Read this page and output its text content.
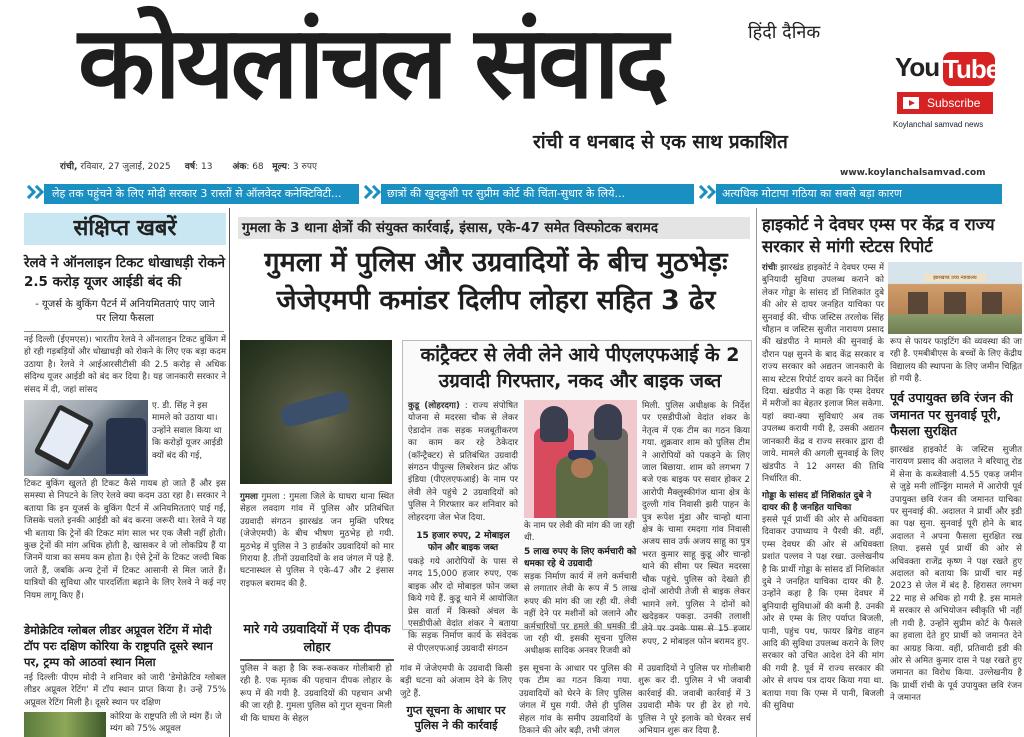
कोयलांचल संवाद	हिंदी दैनिक
रांची व धनबाद से एक साथ प्रकाशित
रांची, रविवार, 27 जुलाई, 2025 वर्ष: 13 अंक: 68 मूल्य: 3 रुपए
www.koylanchalsamvad.com
You Tube
Subscribe
Koylanchal samvad news
लेह तक पहुंचने के लिए मोदी सरकार 3 रास्तों से ऑलवेदर कनेक्टिविटी...	छात्रों की खुदकुशी पर सुप्रीम कोर्ट की चिंता-सुधार के लिये...	अत्यधिक मोटापा गठिया का सबसे बड़ा कारण
संक्षिप्त खबरें
रेलवे ने ऑनलाइन टिकट धोखाधड़ी रोकने 2.5 करोड़ यूजर आईडी बंद की
- यूजर्स के बुकिंग पैटर्न में अनियमितताएं पाए जाने पर लिया फैसला
नई दिल्ली (ईएमएस)। भारतीय रेलवे ने ऑनलाइन टिकट बुकिंग में हो रही गड़बड़ियों और धोखाधड़ी को रोकने के लिए एक बड़ा कदम उठाया है। रेलवे ने आईआरसीटीसी की 2.5 करोड़ से अधिक संदिग्ध यूजर आईडी को बंद कर दिया है। यह जानकारी सरकार ने संसद में दी, जहां सांसद
ए. डी. सिंह ने इस मामले को उठाया था। उन्होंने सवाल किया था कि करोड़ों यूजर आईडी क्यों बंद की गई,
टिकट बुकिंग खुलते ही टिकट कैसे गायब हो जाते हैं और इस समस्या से निपटने के लिए रेलवे क्या कदम उठा रहा है। सरकार ने बताया कि इन यूजर्स के बुकिंग पैटर्न में अनियमितताएं पाई गईं, जिसके चलते इनकी आईडी को बंद करना जरूरी था। रेलवे ने यह भी बताया कि ट्रेनों की टिकट मांग साल भर एक जैसी नहीं होती। कुछ ट्रेनों की मांग अधिक होती है, खासकर वे जो लोकप्रिय हैं या जिनमें यात्रा का समय कम होता है। ऐसे ट्रेनों के टिकट जल्दी बिक जाते हैं, जबकि अन्य ट्रेनों में टिकट आसानी से मिल जाते हैं। यात्रियों की सुविधा और पारदर्शिता बढ़ाने के लिए रेलवे ने कई नए नियम लागू किए हैं।
डेमोक्रेटिव ग्लोबल लीडर अप्रूवल रेटिंग में मोदी टॉप परः दक्षिण कोरिया के राष्ट्रपति दूसरे स्थान पर, ट्रम्प को आठवां स्थान मिला
नई दिल्लीः पीएम मोदी ने शनिवार को जारी 'डेमोक्रेटिव ग्लोबल लीडर अप्रूवल रेटिंग' में टॉप स्थान प्राप्त किया है। उन्हें 75% अप्रूवल रेटिंग मिली है। दूसरे स्थान पर दक्षिण
कोरिया के राष्ट्रपति ली जे म्यंग हैं। जे म्यंग को 75% अप्रूवल
गुमला के 3 थाना क्षेत्रों की संयुक्त कार्रवाई, इंसास, एके-47 समेत विस्फोटक बरामद
गुमला में पुलिस और उग्रवादियों के बीच मुठभेड़ः जेजेएमपी कमांडर दिलीप लोहरा सहित 3 ढेर
गुमला गुमला : गुमला जिले के घाघरा थाना स्थित सेहल लवदाग गांव में पुलिस और प्रतिबंधित उग्रवादी संगठन झारखंड जन मुक्ति परिषद (जेजेएमपी) के बीच भीषण मुठभेड़ हो गयी. मुठभेड़ में पुलिस ने 3 हार्डकोर उग्रवादियों को मार गिराया है. तीनों उग्रवादियों के शव जंगल में पड़े हैं. घटनास्थल से पुलिस ने एके-47 और 2 इंसास राइफल बरामद की है.
मारे गये उग्रवादियों में एक दीपक लोहार
कांट्रैक्टर से लेवी लेने आये पीएलएफआई के 2 उग्रवादी गिरफ्तार, नकद और बाइक जब्त
कुडू (लोहरदगा) : राज्य संपोषित योजना से मदरसा चौक से लेकर ऐडादोन तक सड़क मजबूतीकरण का काम कर रहे ठेकेदार (कॉन्ट्रैक्टर) से प्रतिबंधित उग्रवादी संगठन पीपुल्स लिबरेशन फ्रंट ऑफ इंडिया (पीएलएफआई) के नाम पर लेवी लेने पहुंचे 2 उग्रवादियों को पुलिस ने गिरफ्तार कर शनिवार को लोहरदगा जेल भेज दिया.
15 हजार रुपए, 2 मोबाइल फोन और बाइक जब्त
पकड़े गये आरोपियों के पास से नगद 15,000 हजार रुपए, एक बाइक और दो मोबाइल फोन जब्त किये गये हैं. कुडू थाने में आयोजित प्रेस वार्ता में किस्को अंचल के एसडीपीओ वेदांत शंकर ने बताया कि सड़क निर्माण कार्य के संवेदक से पीएलएफआई उग्रवादी संगठन
के नाम पर लेवी की मांग की जा रही थी.
5 लाख रुपए के लिए कर्मचारी को धमका रहे थे उग्रवादी
सड़क निर्माण कार्य में लगे कर्मचारी से लगातार लेवी के रूप में 5 लाख रुपए की मांग की जा रही थी. लेवी नहीं देने पर मशीनों को जलाने और कर्मचारियों पर हमले की धमकी दी जा रही थी. इसकी सूचना पुलिस अधीक्षक सादिक अनवर रिजवी को
मिली. पुलिस अधीक्षक के निर्देश पर एसडीपीओ वेदांत शंकर के नेतृत्व में एक टीम का गठन किया गया. शुक्रवार शाम को पुलिस टीम ने आरोपियों को पकड़ने के लिए जाल बिछाया. शाम को लगभग 7 बजे एक बाइक पर सवार होकर 2 आरोपी मैक्लुस्कीगंज थाना क्षेत्र के दुल्ली गांव निवासी झरी पाहन के पुत्र रूपेश मुंडा और चान्हो थाना क्षेत्र के चामा रमदगा गांव निवासी अजय साव उर्फ अजय साहू का पुत्र भरत कुमार साहू कुडू और चान्हो थाने की सीमा पर स्थित मदरसा चौक पहुंचे. पुलिस को देखते ही दोनों आरोपी तेजी से बाइक लेकर भागने लगे. पुलिस ने दोनों को खदेड़कर पकड़ा. उनकी तलाशी लेने पर उनके पास से 15 हजार रुपए, 2 मोबाइल फोन बरामद हुए.
पुलिस ने कहा है कि रुक-रुककर गोलीबारी हो रही है. एक मृतक की पहचान दीपक लोहार के रूप में की गयी है. उग्रवादियों की पहचान अभी की जा रही है. गुमला पुलिस को गुप्त सूचना मिली थी कि घाघरा के सेहल
गांव में जेजेएमपी के उग्रवादी किसी बड़ी घटना को अंजाम देने के लिए जुटे हैं.
गुप्त सूचना के आधार पर पुलिस ने की कार्रवाई
इस सूचना के आधार पर पुलिस की एक टीम का गठन किया गया. उग्रवादियों को घेरने के लिए पुलिस जंगल में घुस गयी. जैसे ही पुलिस सेहल गांव के समीप उग्रवादियों के ठिकाने की ओर बढ़ी, तभी जंगल
में उग्रवादियों ने पुलिस पर गोलीबारी शुरू कर दी. पुलिस ने भी जवाबी कार्रवाई की. जवाबी कार्रवाई में 3 उग्रवादी मौके पर ही ढेर हो गये. पुलिस ने पूरे इलाके को घेरकर सर्च अभियान शुरू कर दिया है.
हाइकोर्ट ने देवघर एम्स पर केंद्र व राज्य सरकार से मांगी स्टेटस रिपोर्ट
झारखण्ड उच्च न्यायालय
रांचीः झारखंड हाइकोर्ट ने देवघर एम्स में बुनियादी सुविधा उपलब्ध कराने को लेकर गोड्डा के सांसद डॉ निशिकांत दुबे की ओर से दायर जनहित याचिका पर सुनवाई की. चीफ जस्टिस तरलोक सिंह चौहान व जस्टिस सुजीत नारायण प्रसाद की खंडपीठ ने मामले की सुनवाई के दौरान पक्ष सुनने के बाद केंद्र सरकार व राज्य सरकार को अद्यतन जानकारी के साथ स्टेटस रिपोर्ट दायर करने का निर्देश दिया. खंडपीठ ने कहा कि एम्स देवघर में मरीजों का बेहतर इलाज मिल सकेगा. यहां क्या-क्या सुविधाएं अब तक उपलब्ध करायी गयी है, उसकी अद्यतन जानकारी केंद्र व राज्य सरकार द्वारा दी जाये. मामले की अगली सुनवाई के लिए खंडपीठ ने 12 अगस्त की तिथि निर्धारित की.
गोड्डा के सांसद डॉ निशिकांत दुबे ने दायर की है जनहित याचिका
इससे पूर्व प्रार्थी की ओर से अधिवक्ता दिवाकर उपाध्याय ने पैरवी की. वहीं, एम्स देवघर की ओर से अधिवक्ता प्रशांत पल्लव ने पक्ष रखा. उल्लेखनीय है कि प्रार्थी गोड्डा के सांसद डॉ निशिकांत दुबे ने जनहित याचिका दायर की है. उन्होंने कहा है कि एम्स देवघर में बुनियादी सुविधाओं की कमी है. उनकी ओर से एम्स के लिए पर्याप्त बिजली, पानी, पहुंच पथ, फायर ब्रिगेड वाहन आदि की सुविधा उपलब्ध कराने के लिए सरकार को उचित आदेश देने की मांग की गयी है. पूर्व में राज्य सरकार की ओर से शपथ पत्र दायर किया गया था. बताया गया कि एम्स में पानी, बिजली की सुविधा
रूप से फायर फाइटिंग की व्यवस्था की जा रही है. एमबीबीएस के बच्चों के लिए केंद्रीय विद्यालय की स्थापना के लिए जमीन चिह्नित हो गयी है.
पूर्व उपायुक्त छवि रंजन की जमानत पर सुनवाई पूरी, फैसला सुरक्षित
झारखंड हाइकोर्ट के जस्टिस सुजीत नारायण प्रसाद की अदालत ने बरियातू रोड में सेना के कब्जेवाली 4.55 एकड़ जमीन से जुड़े मनी लॉन्ड्रिंग मामले में आरोपी पूर्व उपायुक्त छवि रंजन की जमानत याचिका पर सुनवाई की. अदालत ने प्रार्थी और इडी का पक्ष सुना. सुनवाई पूरी होने के बाद अदालत ने अपना फैसला सुरक्षित रख लिया. इससे पूर्व प्रार्थी की ओर से अधिवक्ता राजेंद्र कृष्ण ने पक्ष रखते हुए अदालत को बताया कि प्रार्थी चार मई 2023 से जेल में बंद है. हिरासत लगभग 22 माह से अधिक हो गयी है. इस मामले में सरकार से अभियोजन स्वीकृति भी नहीं ली गयी है. उन्होंने सुप्रीम कोर्ट के फैसले का हवाला देते हुए प्रार्थी को जमानत देने का आग्रह किया. वहीं, प्रतिवादी इडी की ओर से अमित कुमार दास ने पक्ष रखते हुए जमानत का विरोध किया. उल्लेखनीय है कि प्रार्थी रांची के पूर्व उपायुक्त छवि रंजन ने जमानत
